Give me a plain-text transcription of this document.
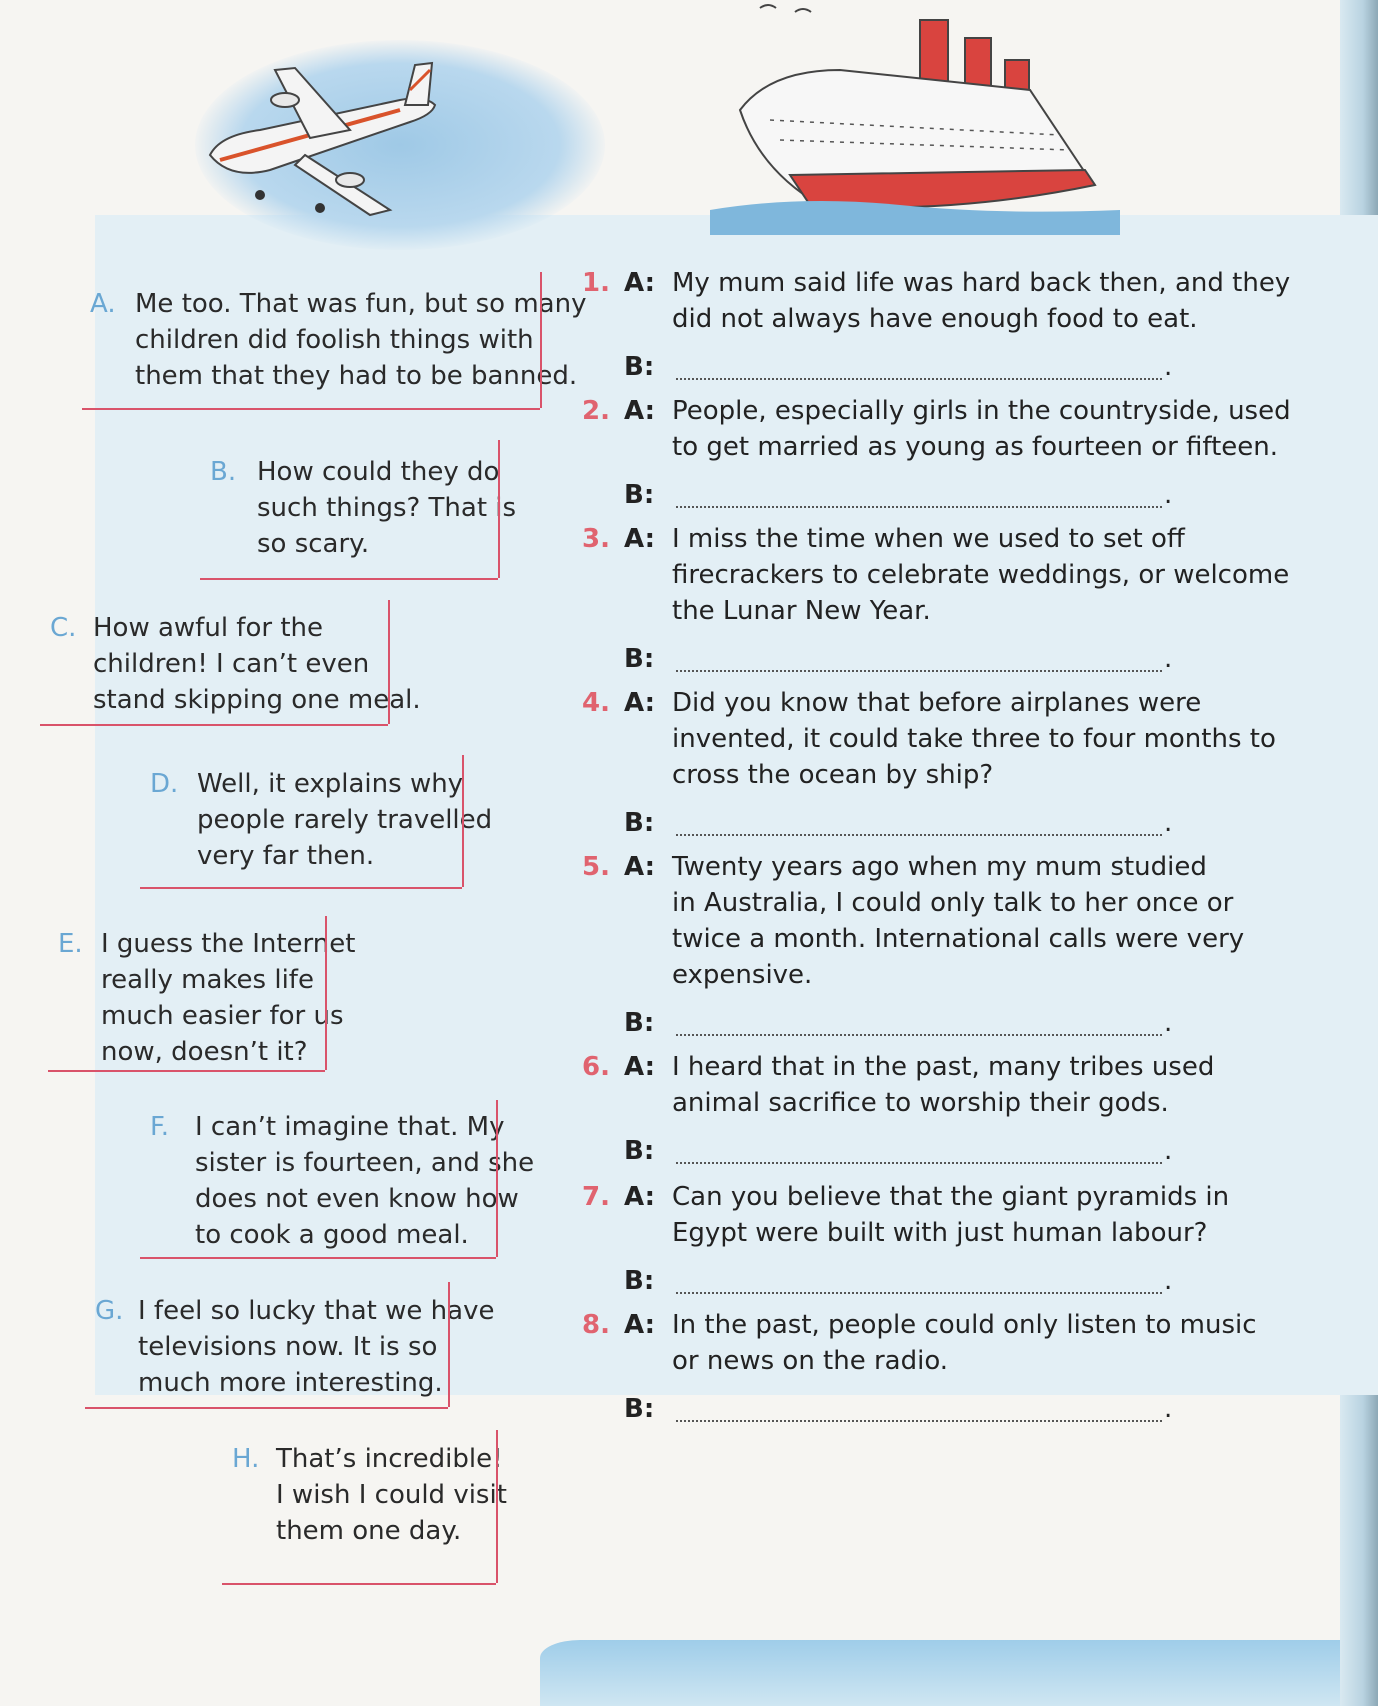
A. Me too. That was fun, but so many
children did foolish things with
them that they had to be banned.
B. How could they do
such things? That is
so scary.
C. How awful for the
children! I can’t even
stand skipping one meal.
D. Well, it explains why
people rarely travelled
very far then.
E. I guess the Internet
really makes life
much easier for us
now, doesn’t it?
F. I can’t imagine that. My
sister is fourteen, and she
does not even know how
to cook a good meal.
G. I feel so lucky that we have
televisions now. It is so
much more interesting.
H. That’s incredible!
I wish I could visit
them one day.
1. A: My mum said life was hard back then, and they
did not always have enough food to eat.
B:	.
2. A: People, especially girls in the countryside, used
to get married as young as fourteen or fifteen.
B:	.
3. A: I miss the time when we used to set off
firecrackers to celebrate weddings, or welcome
the Lunar New Year.
B:	.
4. A: Did you know that before airplanes were
invented, it could take three to four months to
cross the ocean by ship?
B:	.
5. A: Twenty years ago when my mum studied
in Australia, I could only talk to her once or
twice a month. International calls were very
expensive.
B:	.
6. A: I heard that in the past, many tribes used
animal sacrifice to worship their gods.
B:	.
7. A: Can you believe that the giant pyramids in
Egypt were built with just human labour?
B:	.
8. A: In the past, people could only listen to music
or news on the radio.
B:	.
